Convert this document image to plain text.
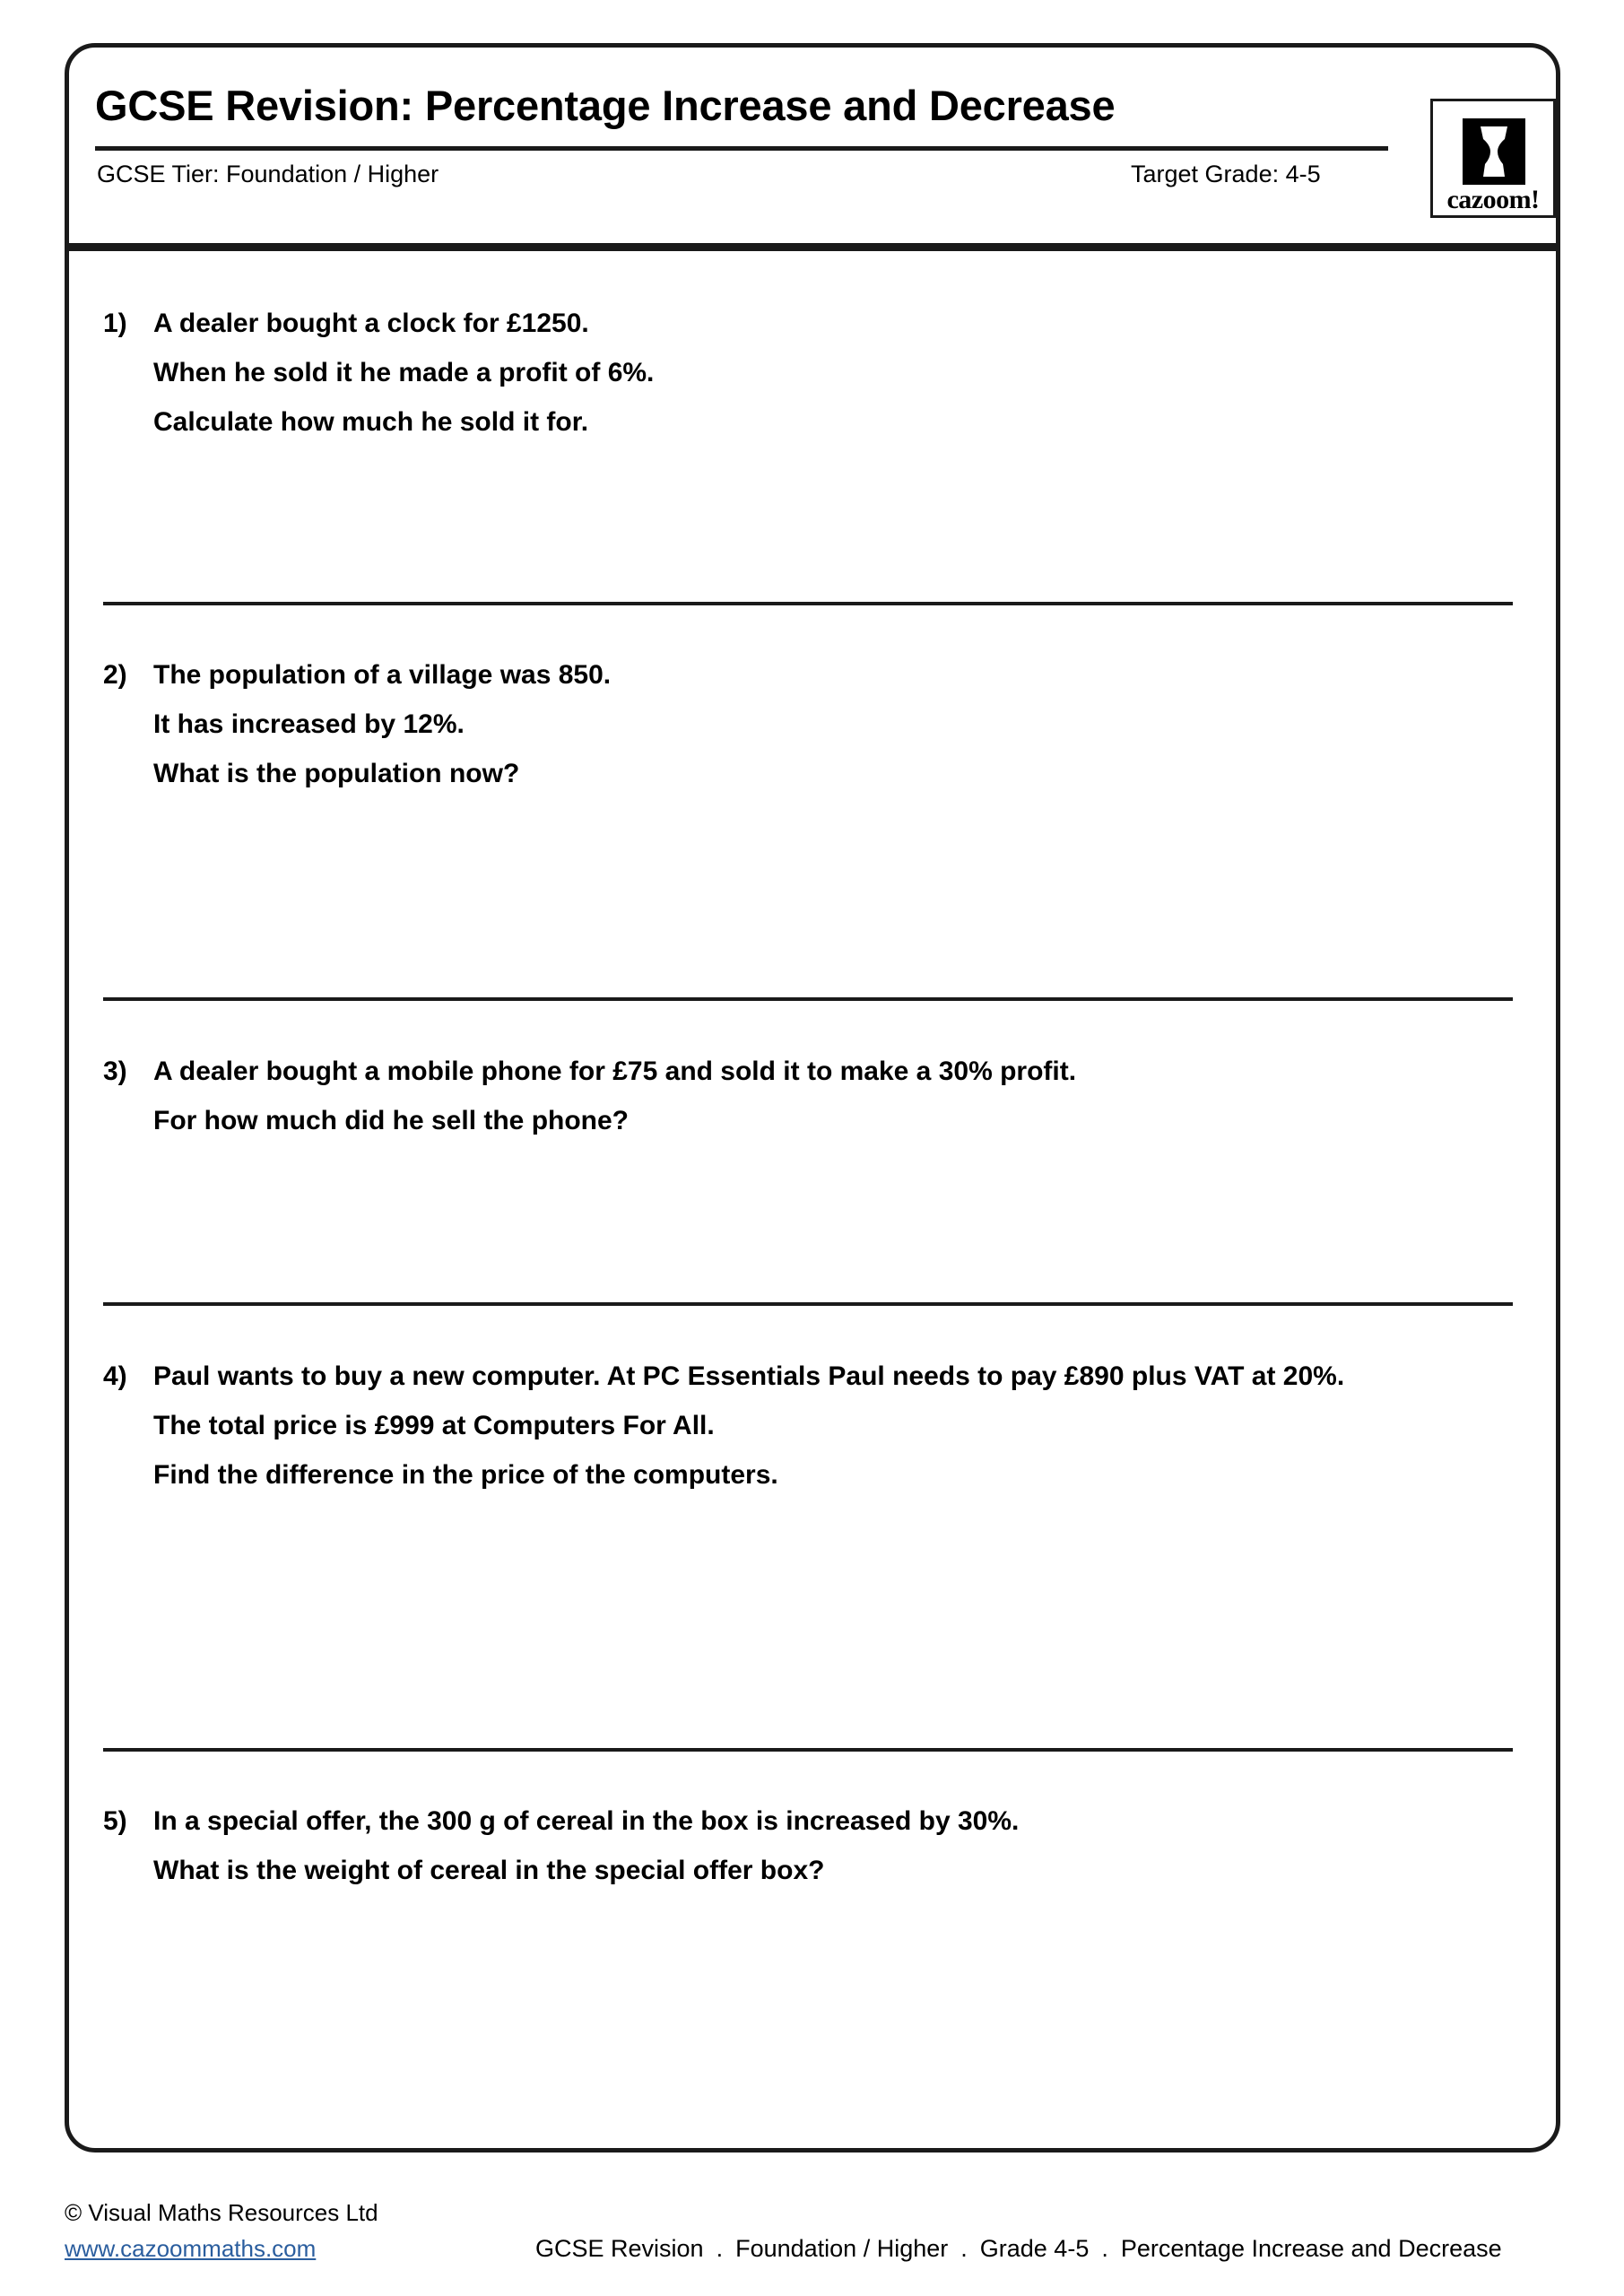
GCSE Revision: Percentage Increase and Decrease
GCSE Tier: Foundation / Higher	Target Grade: 4-5
cazoom!
1) A dealer bought a clock for £1250.
When he sold it he made a profit of 6%.
Calculate how much he sold it for.
2) The population of a village was 850.
It has increased by 12%.
What is the population now?
3) A dealer bought a mobile phone for £75 and sold it to make a 30% profit.
For how much did he sell the phone?
4) Paul wants to buy a new computer. At PC Essentials Paul needs to pay £890 plus VAT at 20%.
The total price is £999 at Computers For All.
Find the difference in the price of the computers.
5) In a special offer, the 300 g of cereal in the box is increased by 30%.
What is the weight of cereal in the special offer box?
© Visual Maths Resources Ltd
www.cazoommaths.com	GCSE Revision . Foundation / Higher . Grade 4-5 . Percentage Increase and Decrease
